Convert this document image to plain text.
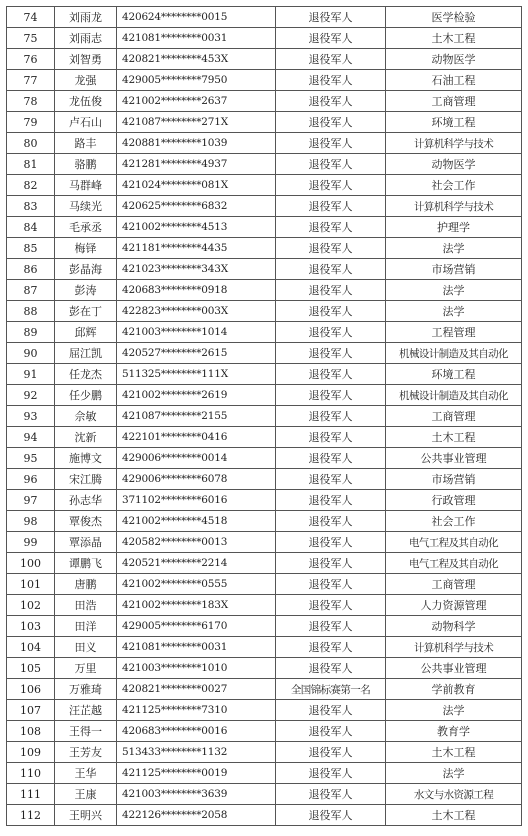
74	刘雨龙	420624********0015	退役军人	医学检验
75	刘雨志	421081********0031	退役军人	土木工程
76	刘智勇	420821********453X	退役军人	动物医学
77	龙强	429005********7950	退役军人	石油工程
78	龙伍俊	421002********2637	退役军人	工商管理
79	卢石山	421087********271X	退役军人	环境工程
80	路丰	420881********1039	退役军人	计算机科学与技术
81	骆鹏	421281********4937	退役军人	动物医学
82	马群峰	421024********081X	退役军人	社会工作
83	马续光	420625********6832	退役军人	计算机科学与技术
84	毛承丞	421002********4513	退役军人	护理学
85	梅铎	421181********4435	退役军人	法学
86	彭晶海	421023********343X	退役军人	市场营销
87	彭涛	420683********0918	退役军人	法学
88	彭在丁	422823********003X	退役军人	法学
89	邱辉	421003********1014	退役军人	工程管理
90	屈江凯	420527********2615	退役军人	机械设计制造及其自动化
91	任龙杰	511325********111X	退役军人	环境工程
92	任少鹏	421002********2619	退役军人	机械设计制造及其自动化
93	佘敏	421087********2155	退役军人	工商管理
94	沈新	422101********0416	退役军人	土木工程
95	施博文	429006********0014	退役军人	公共事业管理
96	宋江腾	429006********6078	退役军人	市场营销
97	孙志华	371102********6016	退役军人	行政管理
98	覃俊杰	421002********4518	退役军人	社会工作
99	覃添晶	420582********0013	退役军人	电气工程及其自动化
100	谭鹏飞	420521********2214	退役军人	电气工程及其自动化
101	唐鹏	421002********0555	退役军人	工商管理
102	田浩	421002********183X	退役军人	人力资源管理
103	田洋	429005********6170	退役军人	动物科学
104	田义	421081********0031	退役军人	计算机科学与技术
105	万里	421003********1010	退役军人	公共事业管理
106	万雅琦	420821********0027	全国锦标赛第一名	学前教育
107	汪芷越	421125********7310	退役军人	法学
108	王得一	420683********0016	退役军人	教育学
109	王芳友	513433********1132	退役军人	土木工程
110	王华	421125********0019	退役军人	法学
111	王康	421003********3639	退役军人	水文与水资源工程
112	王明兴	422126********2058	退役军人	土木工程
